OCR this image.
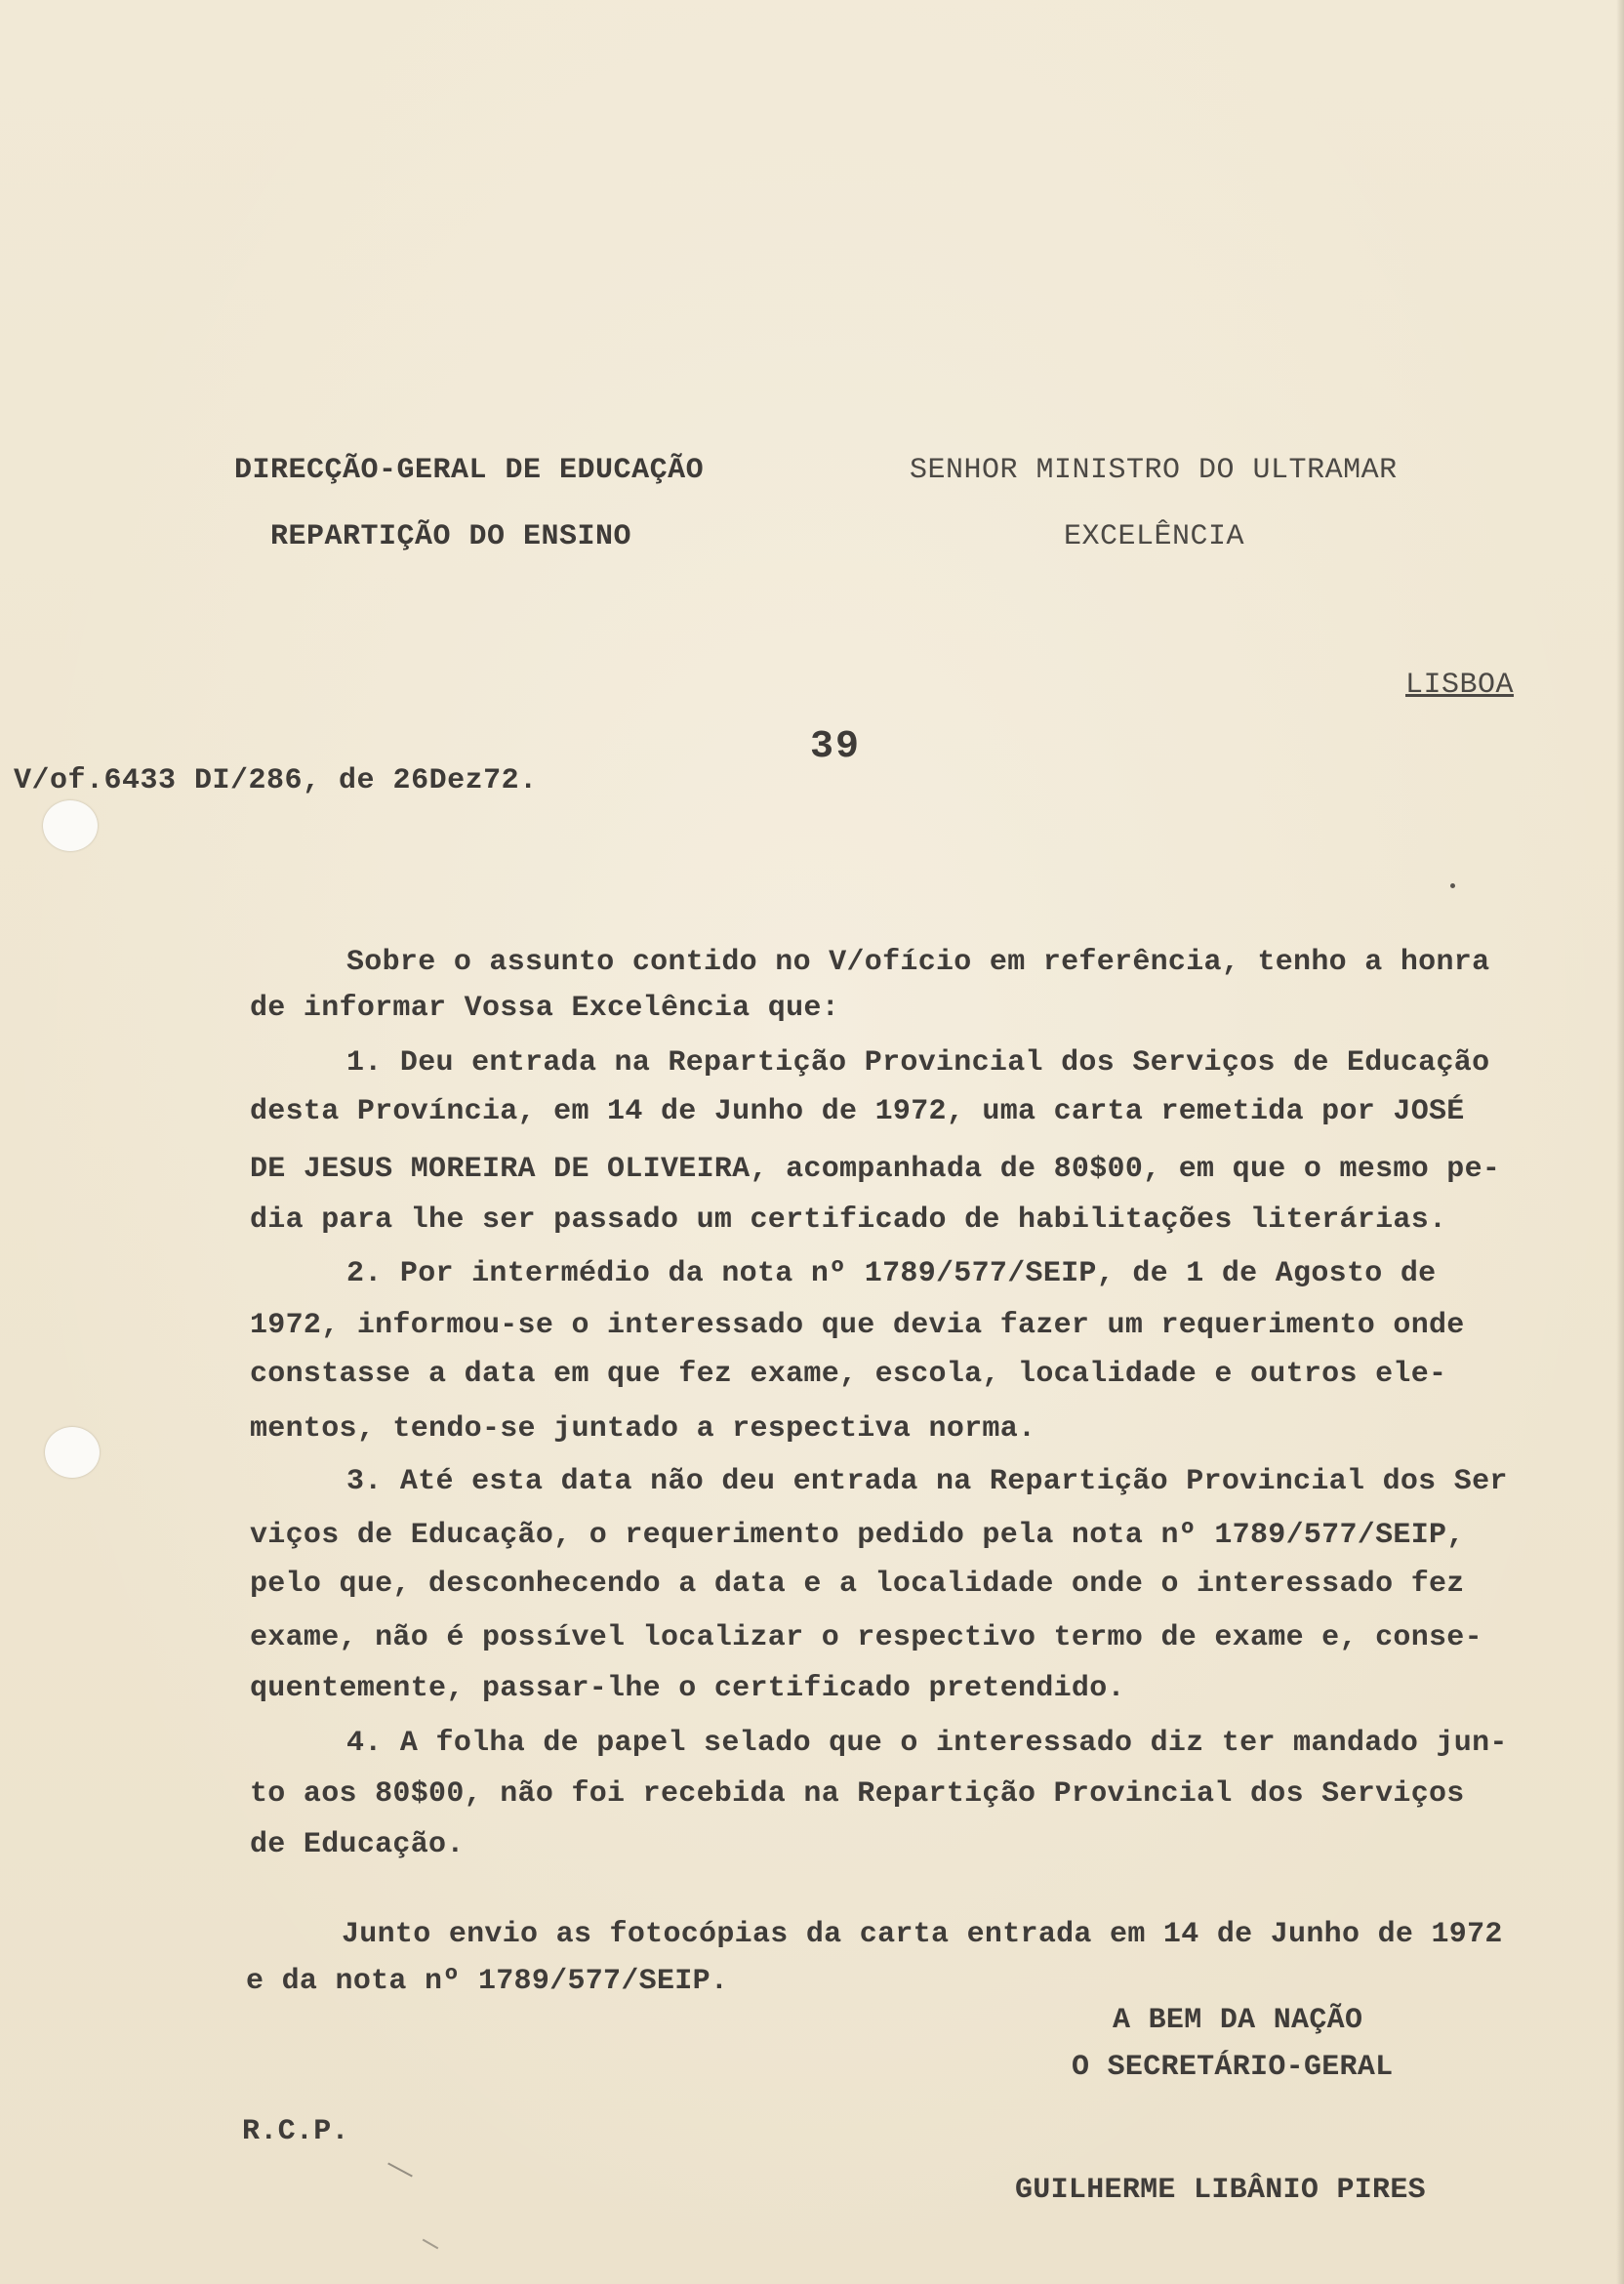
DIRECÇÃO-GERAL DE EDUCAÇÃO
REPARTIÇÃO DO ENSINO
SENHOR MINISTRO DO ULTRAMAR
EXCELÊNCIA
LISBOA
39
V/of.6433 DI/286, de 26Dez72.
Sobre o assunto contido no V/ofício em referência, tenho a honra
de informar Vossa Excelência que:
1. Deu entrada na Repartição Provincial dos Serviços de Educação
desta Província, em 14 de Junho de 1972, uma carta remetida por JOSÉ
DE JESUS MOREIRA DE OLIVEIRA, acompanhada de 80$00, em que o mesmo pe-
dia para lhe ser passado um certificado de habilitações literárias.
2. Por intermédio da nota nº 1789/577/SEIP, de 1 de Agosto de
1972, informou-se o interessado que devia fazer um requerimento onde
constasse a data em que fez exame, escola, localidade e outros ele-
mentos, tendo-se juntado a respectiva norma.
3. Até esta data não deu entrada na Repartição Provincial dos Ser
viços de Educação, o requerimento pedido pela nota nº 1789/577/SEIP,
pelo que, desconhecendo a data e a localidade onde o interessado fez
exame, não é possível localizar o respectivo termo de exame e, conse-
quentemente, passar-lhe o certificado pretendido.
4. A folha de papel selado que o interessado diz ter mandado jun-
to aos 80$00, não foi recebida na Repartição Provincial dos Serviços
de Educação.
Junto envio as fotocópias da carta entrada em 14 de Junho de 1972
e da nota nº 1789/577/SEIP.
A BEM DA NAÇÃO
O SECRETÁRIO-GERAL
GUILHERME LIBÂNIO PIRES
R.C.P.
